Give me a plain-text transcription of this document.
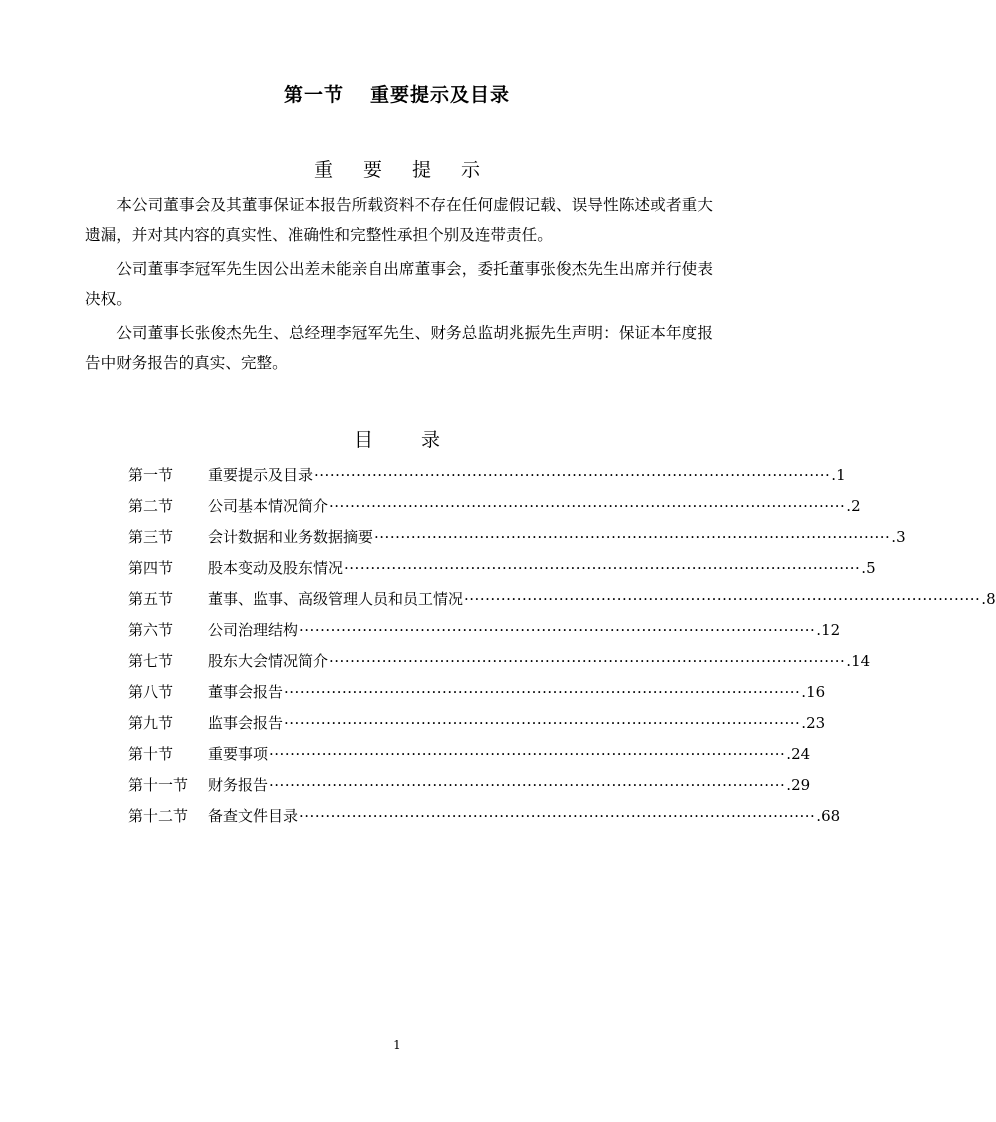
第一节 重要提示及目录
重 要 提 示

本公司董事会及其董事保证本报告所载资料不存在任何虚假记载、误导性陈述或者重大遗漏，并对其内容的真实性、准确性和完整性承担个别及连带责任。

公司董事李冠军先生因公出差未能亲自出席董事会，委托董事张俊杰先生出席并行使表决权。

公司董事长张俊杰先生、总经理李冠军先生、财务总监胡兆振先生声明：保证本年度报告中财务报告的真实、完整。

目	录
第一节	重要提示及目录 ·································································································· .1
第二节	公司基本情况简介 ·································································································· .2
第三节	会计数据和业务数据摘要 ·································································································· .3
第四节	股本变动及股东情况 ·································································································· .5
第五节	董事、监事、高级管理人员和员工情况 ·································································································· .8
第六节	公司治理结构 ·································································································· .12
第七节	股东大会情况简介 ·································································································· .14
第八节	董事会报告 ·································································································· .16
第九节	监事会报告 ·································································································· .23
第十节	重要事项 ·································································································· .24
第十一节	财务报告 ·································································································· .29
第十二节	备查文件目录 ·································································································· .68
1
